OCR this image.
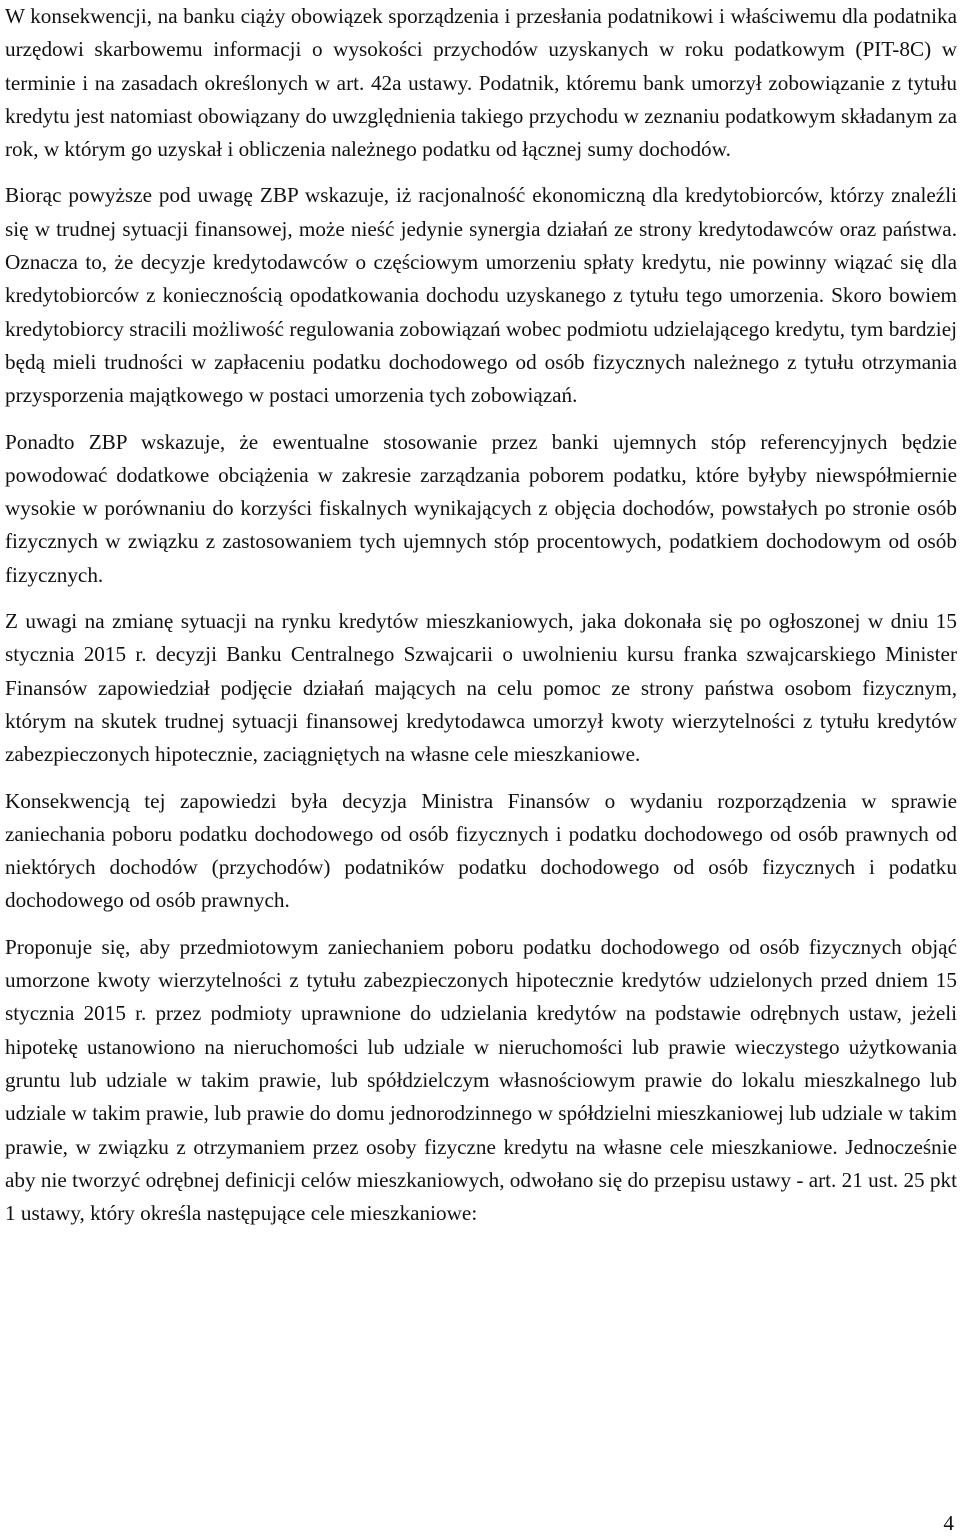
W konsekwencji, na banku ciąży obowiązek sporządzenia i przesłania podatnikowi i właściwemu dla podatnika urzędowi skarbowemu informacji o wysokości przychodów uzyskanych w roku podatkowym (PIT-8C) w terminie i na zasadach określonych w art. 42a ustawy. Podatnik, któremu bank umorzył zobowiązanie z tytułu kredytu jest natomiast obowiązany do uwzględnienia takiego przychodu w zeznaniu podatkowym składanym za rok, w którym go uzyskał i obliczenia należnego podatku od łącznej sumy dochodów.

Biorąc powyższe pod uwagę ZBP wskazuje, iż racjonalność ekonomiczną dla kredytobiorców, którzy znaleźli się w trudnej sytuacji finansowej, może nieść jedynie synergia działań ze strony kredytodawców oraz państwa. Oznacza to, że decyzje kredytodawców o częściowym umorzeniu spłaty kredytu, nie powinny wiązać się dla kredytobiorców z koniecznością opodatkowania dochodu uzyskanego z tytułu tego umorzenia. Skoro bowiem kredytobiorcy stracili możliwość regulowania zobowiązań wobec podmiotu udzielającego kredytu, tym bardziej będą mieli trudności w zapłaceniu podatku dochodowego od osób fizycznych należnego z tytułu otrzymania przysporzenia majątkowego w postaci umorzenia tych zobowiązań.

Ponadto ZBP wskazuje, że ewentualne stosowanie przez banki ujemnych stóp referencyjnych będzie powodować dodatkowe obciążenia w zakresie zarządzania poborem podatku, które byłyby niewspółmiernie wysokie w porównaniu do korzyści fiskalnych wynikających z objęcia dochodów, powstałych po stronie osób fizycznych w związku z zastosowaniem tych ujemnych stóp procentowych, podatkiem dochodowym od osób fizycznych.

Z uwagi na zmianę sytuacji na rynku kredytów mieszkaniowych, jaka dokonała się po ogłoszonej w dniu 15 stycznia 2015 r. decyzji Banku Centralnego Szwajcarii o uwolnieniu kursu franka szwajcarskiego Minister Finansów zapowiedział podjęcie działań mających na celu pomoc ze strony państwa osobom fizycznym, którym na skutek trudnej sytuacji finansowej kredytodawca umorzył kwoty wierzytelności z tytułu kredytów zabezpieczonych hipotecznie, zaciągniętych na własne cele mieszkaniowe.

Konsekwencją tej zapowiedzi była decyzja Ministra Finansów o wydaniu rozporządzenia w sprawie zaniechania poboru podatku dochodowego od osób fizycznych i podatku dochodowego od osób prawnych od niektórych dochodów (przychodów) podatników podatku dochodowego od osób fizycznych i podatku dochodowego od osób prawnych.

Proponuje się, aby przedmiotowym zaniechaniem poboru podatku dochodowego od osób fizycznych objąć umorzone kwoty wierzytelności z tytułu zabezpieczonych hipotecznie kredytów udzielonych przed dniem 15 stycznia 2015 r. przez podmioty uprawnione do udzielania kredytów na podstawie odrębnych ustaw, jeżeli hipotekę ustanowiono na nieruchomości lub udziale w nieruchomości lub prawie wieczystego użytkowania gruntu lub udziale w takim prawie, lub spółdzielczym własnościowym prawie do lokalu mieszkalnego lub udziale w takim prawie, lub prawie do domu jednorodzinnego w spółdzielni mieszkaniowej lub udziale w takim prawie, w związku z otrzymaniem przez osoby fizyczne kredytu na własne cele mieszkaniowe. Jednocześnie aby nie tworzyć odrębnej definicji celów mieszkaniowych, odwołano się do przepisu ustawy - art. 21 ust. 25 pkt 1 ustawy, który określa następujące cele mieszkaniowe:

4
